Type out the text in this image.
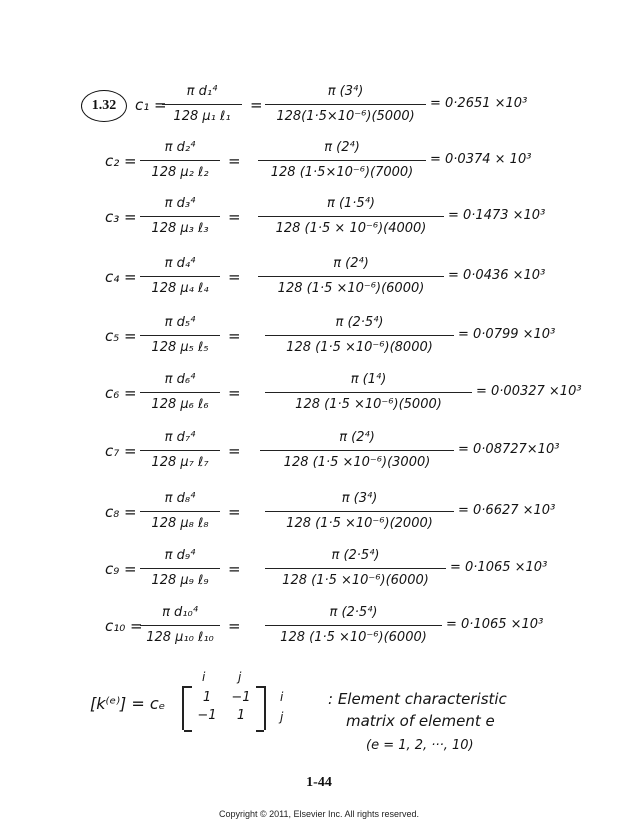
1.32	c₁ =
π d₁⁴
128 μ₁ ℓ₁
=
π (3⁴)
128(1·5×10⁻⁶)(5000)
= 0·2651 ×10³
c₂ =
π d₂⁴
128 μ₂ ℓ₂
=
π (2⁴)
128 (1·5×10⁻⁶)(7000)
= 0·0374 × 10³
c₃ =
π d₃⁴
128 μ₃ ℓ₃
=
π (1·5⁴)
128 (1·5 × 10⁻⁶)(4000)
= 0·1473 ×10³
c₄ =
π d₄⁴
128 μ₄ ℓ₄
=
π (2⁴)
128 (1·5 ×10⁻⁶)(6000)
= 0·0436 ×10³
c₅ =
π d₅⁴
128 μ₅ ℓ₅
=
π (2·5⁴)
128 (1·5 ×10⁻⁶)(8000)
= 0·0799 ×10³
c₆ =
π d₆⁴
128 μ₆ ℓ₆
=
π (1⁴)
128 (1·5 ×10⁻⁶)(5000)
= 0·00327 ×10³
c₇ =
π d₇⁴
128 μ₇ ℓ₇
=
π (2⁴)
128 (1·5 ×10⁻⁶)(3000)
= 0·08727×10³
c₈ =
π d₈⁴
128 μ₈ ℓ₈
=
π (3⁴)
128 (1·5 ×10⁻⁶)(2000)
= 0·6627 ×10³
c₉ =
π d₉⁴
128 μ₉ ℓ₉
=
π (2·5⁴)
128 (1·5 ×10⁻⁶)(6000)
= 0·1065 ×10³
c₁₀ =
π d₁₀⁴
128 μ₁₀ ℓ₁₀
=
π (2·5⁴)
128 (1·5 ×10⁻⁶)(6000)
= 0·1065 ×10³
[k⁽ᵉ⁾] = cₑ
i	j
1	−1
−1	1
i
j
: Element characteristic
matrix of element e
(e = 1, 2, ···, 10)
1-44
Copyright © 2011, Elsevier Inc. All rights reserved.
